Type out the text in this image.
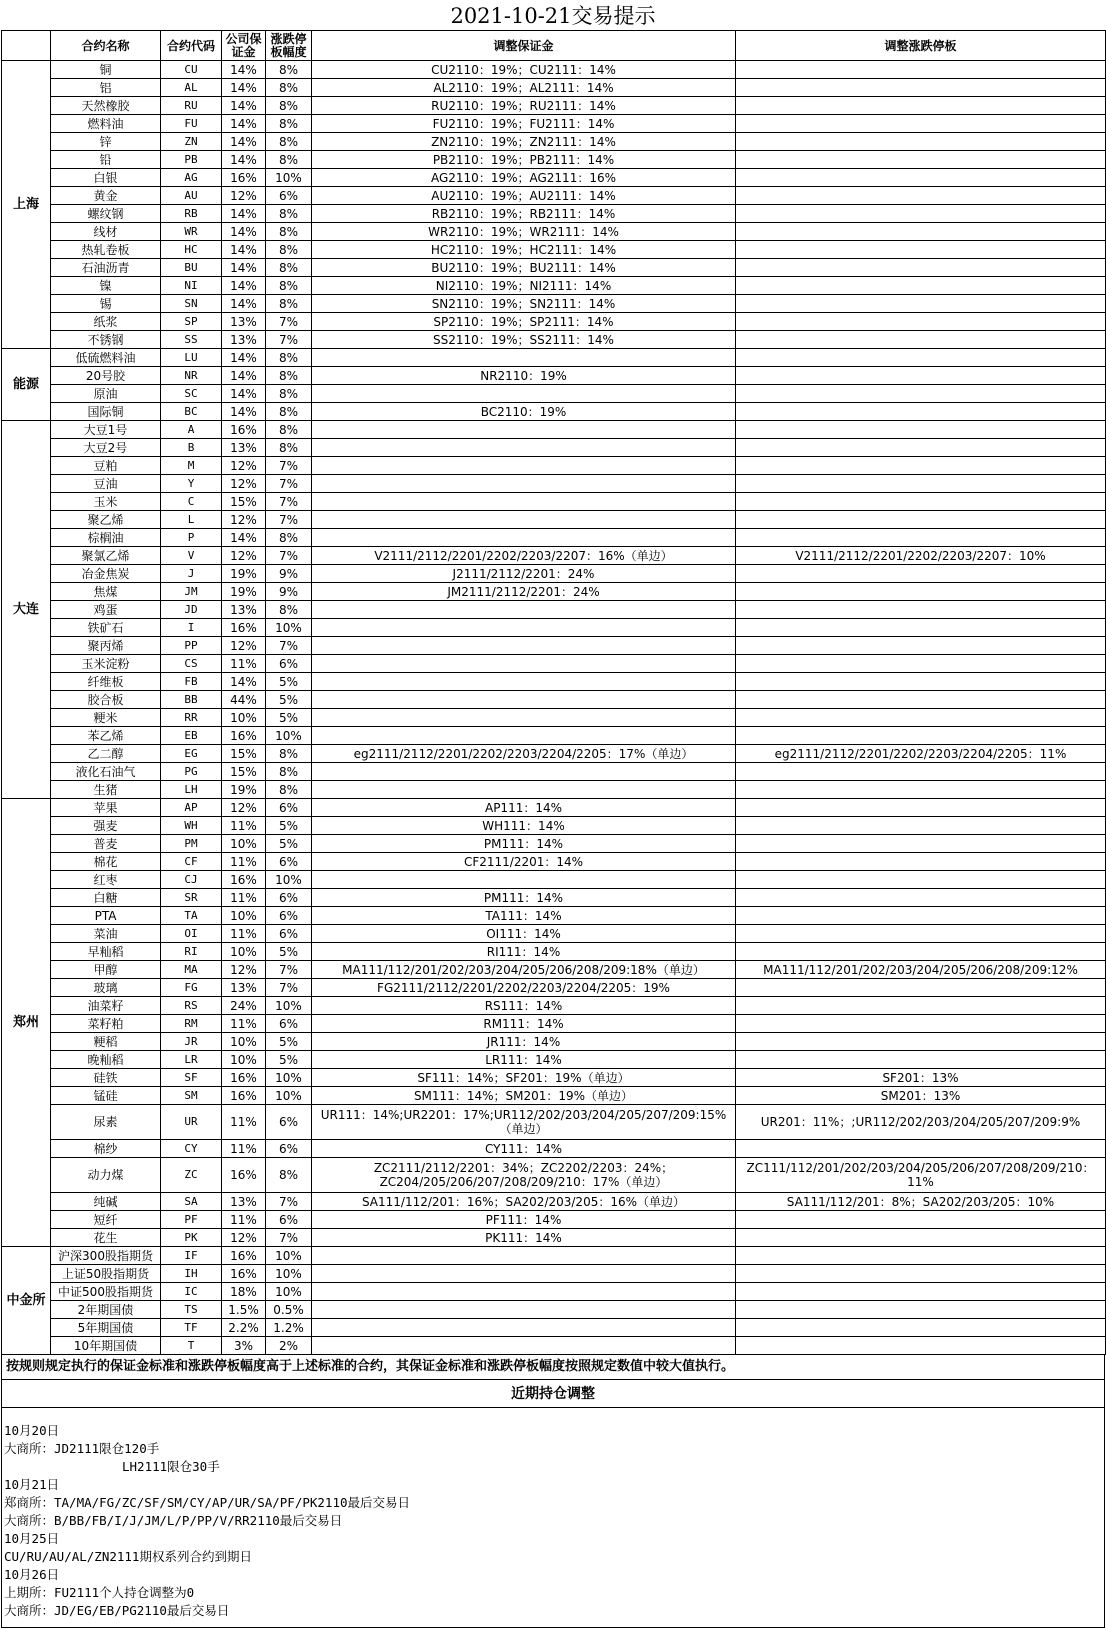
2021-10-21交易提示
	合约名称	合约代码	公司保证金	涨跌停板幅度	调整保证金	调整涨跌停板
上海	铜	CU	14%	8%	CU2110：19%；CU2111：14%	
	铝	AL	14%	8%	AL2110：19%；AL2111：14%	
	天然橡胶	RU	14%	8%	RU2110：19%；RU2111：14%	
	燃料油	FU	14%	8%	FU2110：19%；FU2111：14%	
	锌	ZN	14%	8%	ZN2110：19%；ZN2111：14%	
	铅	PB	14%	8%	PB2110：19%；PB2111：14%	
	白银	AG	16%	10%	AG2110：19%；AG2111：16%	
	黄金	AU	12%	6%	AU2110：19%；AU2111：14%	
	螺纹钢	RB	14%	8%	RB2110：19%；RB2111：14%	
	线材	WR	14%	8%	WR2110：19%；WR2111：14%	
	热轧卷板	HC	14%	8%	HC2110：19%；HC2111：14%	
	石油沥青	BU	14%	8%	BU2110：19%；BU2111：14%	
	镍	NI	14%	8%	NI2110：19%；NI2111：14%	
	锡	SN	14%	8%	SN2110：19%；SN2111：14%	
	纸浆	SP	13%	7%	SP2110：19%；SP2111：14%	
	不锈钢	SS	13%	7%	SS2110：19%；SS2111：14%	
能源	低硫燃料油	LU	14%	8%		
	20号胶	NR	14%	8%	NR2110：19%	
	原油	SC	14%	8%		
	国际铜	BC	14%	8%	BC2110：19%	
大连	大豆1号	A	16%	8%		
	大豆2号	B	13%	8%		
	豆粕	M	12%	7%		
	豆油	Y	12%	7%		
	玉米	C	15%	7%		
	聚乙烯	L	12%	7%		
	棕榈油	P	14%	8%		
	聚氯乙烯	V	12%	7%	V2111/2112/2201/2202/2203/2207：16%（单边）	V2111/2112/2201/2202/2203/2207：10%
	冶金焦炭	J	19%	9%	J2111/2112/2201：24%	
	焦煤	JM	19%	9%	JM2111/2112/2201：24%	
	鸡蛋	JD	13%	8%		
	铁矿石	I	16%	10%		
	聚丙烯	PP	12%	7%		
	玉米淀粉	CS	11%	6%		
	纤维板	FB	14%	5%		
	胶合板	BB	44%	5%		
	粳米	RR	10%	5%		
	苯乙烯	EB	16%	10%		
	乙二醇	EG	15%	8%	eg2111/2112/2201/2202/2203/2204/2205：17%（单边）	eg2111/2112/2201/2202/2203/2204/2205：11%
	液化石油气	PG	15%	8%		
	生猪	LH	19%	8%		
郑州	苹果	AP	12%	6%	AP111：14%	
	强麦	WH	11%	5%	WH111：14%	
	普麦	PM	10%	5%	PM111：14%	
	棉花	CF	11%	6%	CF2111/2201：14%	
	红枣	CJ	16%	10%		
	白糖	SR	11%	6%	PM111：14%	
	PTA	TA	10%	6%	TA111：14%	
	菜油	OI	11%	6%	OI111：14%	
	早籼稻	RI	10%	5%	RI111：14%	
	甲醇	MA	12%	7%	MA111/112/201/202/203/204/205/206/208/209:18%（单边）	MA111/112/201/202/203/204/205/206/208/209:12%
	玻璃	FG	13%	7%	FG2111/2112/2201/2202/2203/2204/2205：19%	
	油菜籽	RS	24%	10%	RS111：14%	
	菜籽粕	RM	11%	6%	RM111：14%	
	粳稻	JR	10%	5%	JR111：14%	
	晚籼稻	LR	10%	5%	LR111：14%	
	硅铁	SF	16%	10%	SF111：14%；SF201：19%（单边）	SF201：13%
	锰硅	SM	16%	10%	SM111：14%；SM201：19%（单边）	SM201：13%
	尿素	UR	11%	6%	UR111：14%;UR2201：17%;UR112/202/203/204/205/207/209:15%（单边）	UR201：11%；;UR112/202/203/204/205/207/209:9%
	棉纱	CY	11%	6%	CY111：14%	
	动力煤	ZC	16%	8%	ZC2111/2112/2201：34%；ZC2202/2203：24%；ZC204/205/206/207/208/209/210：17%（单边）	ZC111/112/201/202/203/204/205/206/207/208/209/210：11%
	纯碱	SA	13%	7%	SA111/112/201：16%；SA202/203/205：16%（单边）	SA111/112/201：8%；SA202/203/205：10%
	短纤	PF	11%	6%	PF111：14%	
	花生	PK	12%	7%	PK111：14%	
中金所	沪深300股指期货	IF	16%	10%		
	上证50股指期货	IH	16%	10%		
	中证500股指期货	IC	18%	10%		
	2年期国债	TS	1.5%	0.5%		
	5年期国债	TF	2.2%	1.2%		
	10年期国债	T	3%	2%		
按规则规定执行的保证金标准和涨跌停板幅度高于上述标准的合约，其保证金标准和涨跌停板幅度按照规定数值中较大值执行。
近期持仓调整
10月20日
大商所：JD2111限仓120手
LH2111限仓30手
10月21日
郑商所：TA/MA/FG/ZC/SF/SM/CY/AP/UR/SA/PF/PK2110最后交易日
大商所：B/BB/FB/I/J/JM/L/P/PP/V/RR2110最后交易日
10月25日
CU/RU/AU/AL/ZN2111期权系列合约到期日
10月26日
上期所：FU2111个人持仓调整为0
大商所：JD/EG/EB/PG2110最后交易日
